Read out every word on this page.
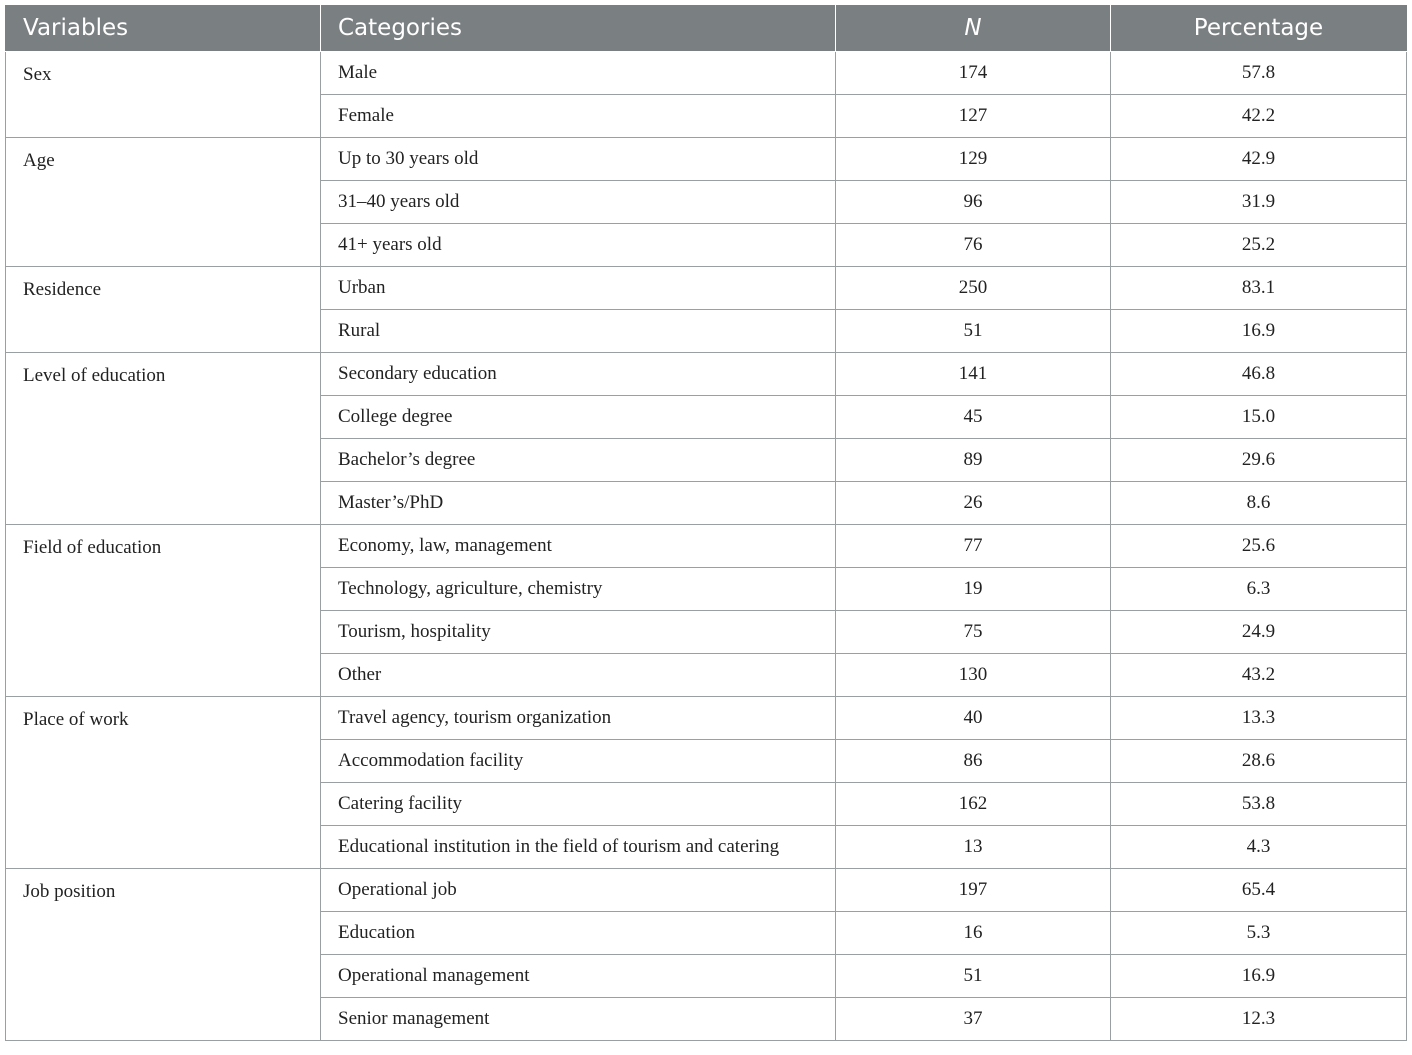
Variables	Categories	N	Percentage
Sex	Male	174	57.8
	Female	127	42.2
Age	Up to 30 years old	129	42.9
	31–40 years old	96	31.9
	41+ years old	76	25.2
Residence	Urban	250	83.1
	Rural	51	16.9
Level of education	Secondary education	141	46.8
	College degree	45	15.0
	Bachelor’s degree	89	29.6
	Master’s/PhD	26	8.6
Field of education	Economy, law, management	77	25.6
	Technology, agriculture, chemistry	19	6.3
	Tourism, hospitality	75	24.9
	Other	130	43.2
Place of work	Travel agency, tourism organization	40	13.3
	Accommodation facility	86	28.6
	Catering facility	162	53.8
	Educational institution in the field of tourism and catering	13	4.3
Job position	Operational job	197	65.4
	Education	16	5.3
	Operational management	51	16.9
	Senior management	37	12.3
